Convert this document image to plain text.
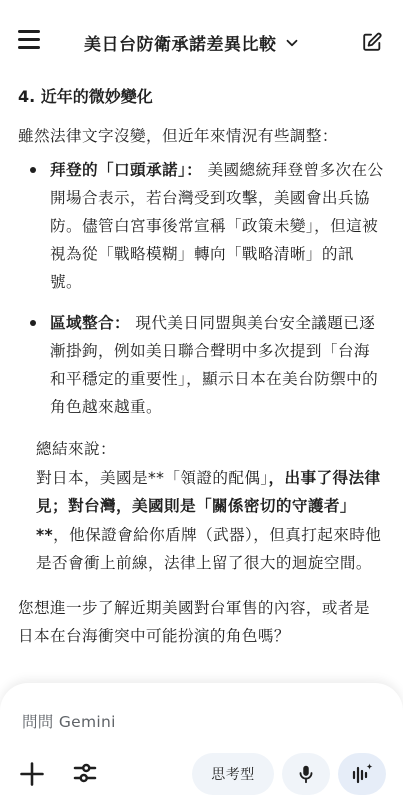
美日台防衛承諾差異比較
4. 近年的微妙變化

雖然法律文字沒變，但近年來情況有些調整：

拜登的「口頭承諾」： 美國總統拜登曾多次在公開場合表示，若台灣受到攻擊，美國會出兵協防。儘管白宮事後常宣稱「政策未變」，但這被視為從「戰略模糊」轉向「戰略清晰」的訊號。
區域整合： 現代美日同盟與美台安全議題已逐漸掛鉤，例如美日聯合聲明中多次提到「台海和平穩定的重要性」，顯示日本在美台防禦中的角色越來越重。
總結來說：
對日本，美國是**「領證的配偶」，出事了得法律見；對台灣，美國則是「關係密切的守護者」**，他保證會給你盾牌（武器），但真打起來時他是否會衝上前線，法律上留了很大的迴旋空間。

您想進一步了解近期美國對台軍售的內容，或者是日本在台海衝突中可能扮演的角色嗎？

問問 Gemini
思考型
